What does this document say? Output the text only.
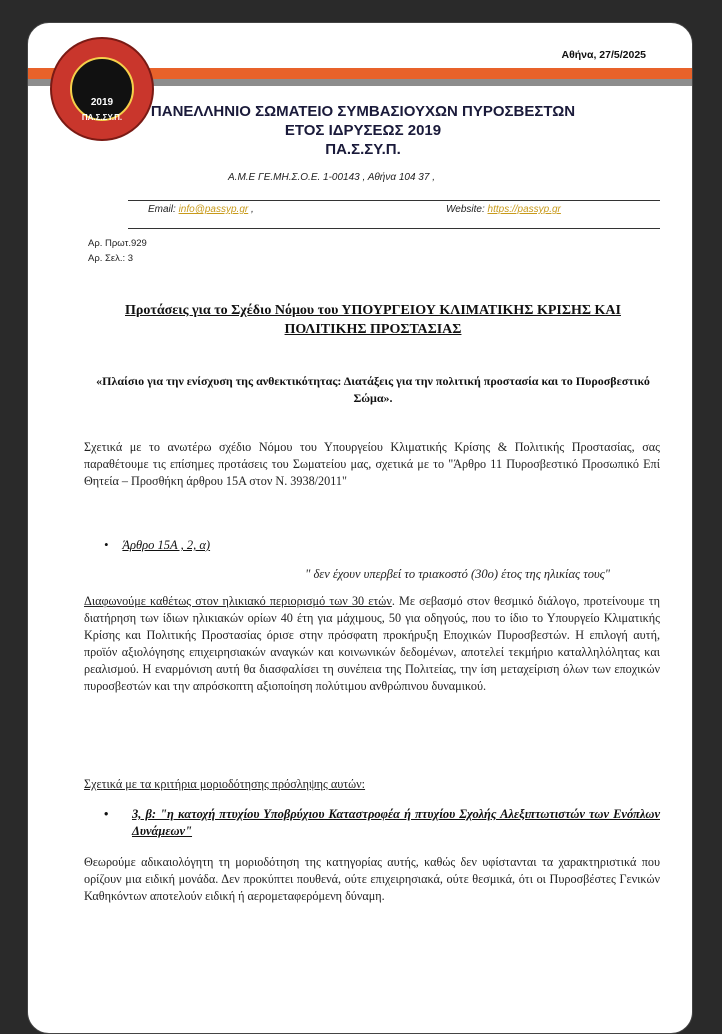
2019
ΠΑ.Σ.ΣΥ.Π.
Αθήνα, 27/5/2025
ΠΑΝΕΛΛΗΝΙΟ ΣΩΜΑΤΕΙΟ ΣΥΜΒΑΣΙΟΥΧΩΝ ΠΥΡΟΣΒΕΣΤΩΝ
ΕΤΟΣ ΙΔΡΥΣΕΩΣ 2019
ΠΑ.Σ.ΣΥ.Π.
Α.Μ.Ε ΓΕ.ΜΗ.Σ.Ο.Ε. 1-00143 , Αθήνα 104 37 ,
Email: info@passyp.gr ,	Website: https://passyp.gr
Αρ. Πρωτ.929
Αρ. Σελ.: 3
Προτάσεις για το Σχέδιο Νόμου του ΥΠΟΥΡΓΕΙΟΥ ΚΛΙΜΑΤΙΚΗΣ ΚΡΙΣΗΣ ΚΑΙ ΠΟΛΙΤΙΚΗΣ ΠΡΟΣΤΑΣΙΑΣ
«Πλαίσιο για την ενίσχυση της ανθεκτικότητας: Διατάξεις για την πολιτική προστασία και το Πυροσβεστικό Σώμα».
Σχετικά με το ανωτέρω σχέδιο Νόμου του Υπουργείου Κλιματικής Κρίσης & Πολιτικής Προστασίας, σας παραθέτουμε τις επίσημες προτάσεις του Σωματείου μας, σχετικά με το "Άρθρο 11 Πυροσβεστικό Προσωπικό Επί Θητεία – Προσθήκη άρθρου 15Α στον Ν. 3938/2011"
• Άρθρο 15Α , 2, α)
" δεν έχουν υπερβεί το τριακοστό (30ο) έτος της ηλικίας τους"
Διαφωνούμε καθέτως στον ηλικιακό περιορισμό των 30 ετών. Με σεβασμό στον θεσμικό διάλογο, προτείνουμε τη διατήρηση των ίδιων ηλικιακών ορίων 40 έτη για μάχιμους, 50 για οδηγούς, που το ίδιο το Υπουργείο Κλιματικής Κρίσης και Πολιτικής Προστασίας όρισε στην πρόσφατη προκήρυξη Εποχικών Πυροσβεστών. Η επιλογή αυτή, προϊόν αξιολόγησης επιχειρησιακών αναγκών και κοινωνικών δεδομένων, αποτελεί τεκμήριο καταλληλόλητας και ρεαλισμού. Η εναρμόνιση αυτή θα διασφαλίσει τη συνέπεια της Πολιτείας, την ίση μεταχείριση όλων των εποχικών πυροσβεστών και την απρόσκοπτη αξιοποίηση πολύτιμου ανθρώπινου δυναμικού.
Σχετικά με τα κριτήρια μοριοδότησης πρόσληψης αυτών:
• 3, β: "η κατοχή πτυχίου Υποβρύχιου Καταστροφέα ή πτυχίου Σχολής Αλεξιπτωτιστών των Ενόπλων Δυνάμεων"
Θεωρούμε αδικαιολόγητη τη μοριοδότηση της κατηγορίας αυτής, καθώς δεν υφίστανται τα χαρακτηριστικά που ορίζουν μια ειδική μονάδα. Δεν προκύπτει πουθενά, ούτε επιχειρησιακά, ούτε θεσμικά, ότι οι Πυροσβέστες Γενικών Καθηκόντων αποτελούν ειδική ή αερομεταφερόμενη δύναμη.
